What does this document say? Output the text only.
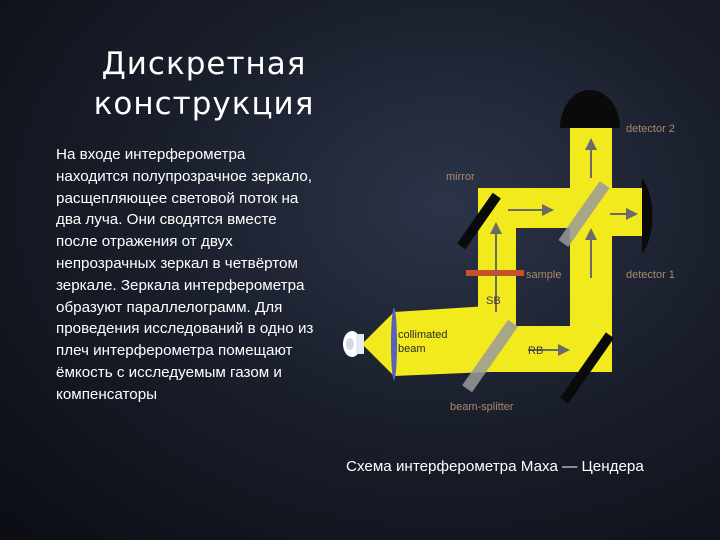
Дискретная конструкция
На входе интерферометра находится полупрозрачное зеркало, расщепляющее световой поток на два луча. Они сводятся вместе после отражения от двух непрозрачных зеркал в четвёртом зеркале. Зеркала интерферометра образуют параллелограмм. Для проведения исследований в одно из плеч интерферометра помещают ёмкость с исследуемым газом и компенсаторы
detector 2
detector 1
mirror
sample
SB
RB
collimated
beam
beam-splitter
Схема интерферометра Маха — Цендера
